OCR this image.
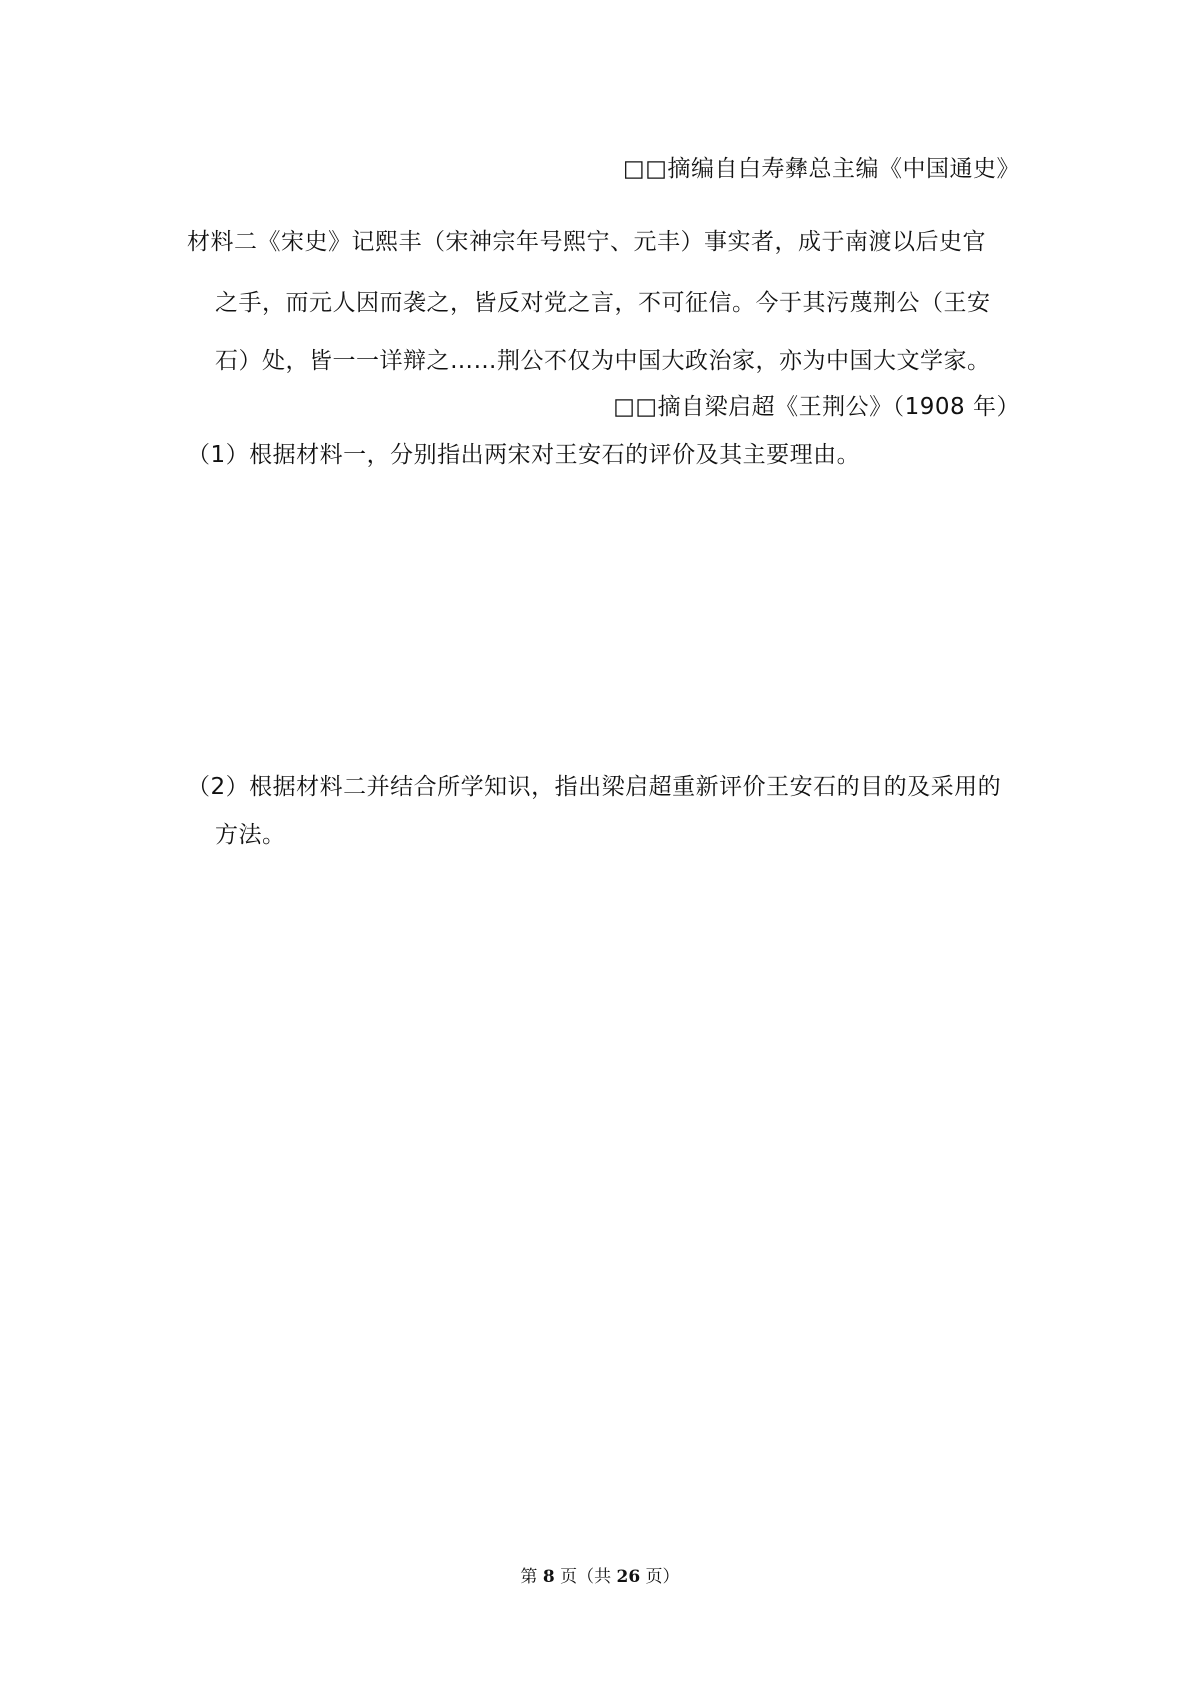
□□摘编自白寿彝总主编《中国通史》
材料二《宋史》记熙丰（宋神宗年号熙宁、元丰）事实者，成于南渡以后史官
之手，而元人因而袭之，皆反对党之言，不可征信。今于其污蔑荆公（王安
石）处，皆一一详辩之……荆公不仅为中国大政治家，亦为中国大文学家。
□□摘自梁启超《王荆公》（1908 年）
（1）根据材料一，分别指出两宋对王安石的评价及其主要理由。
（2）根据材料二并结合所学知识，指出梁启超重新评价王安石的目的及采用的
方法。
第 8 页（共 26 页）
